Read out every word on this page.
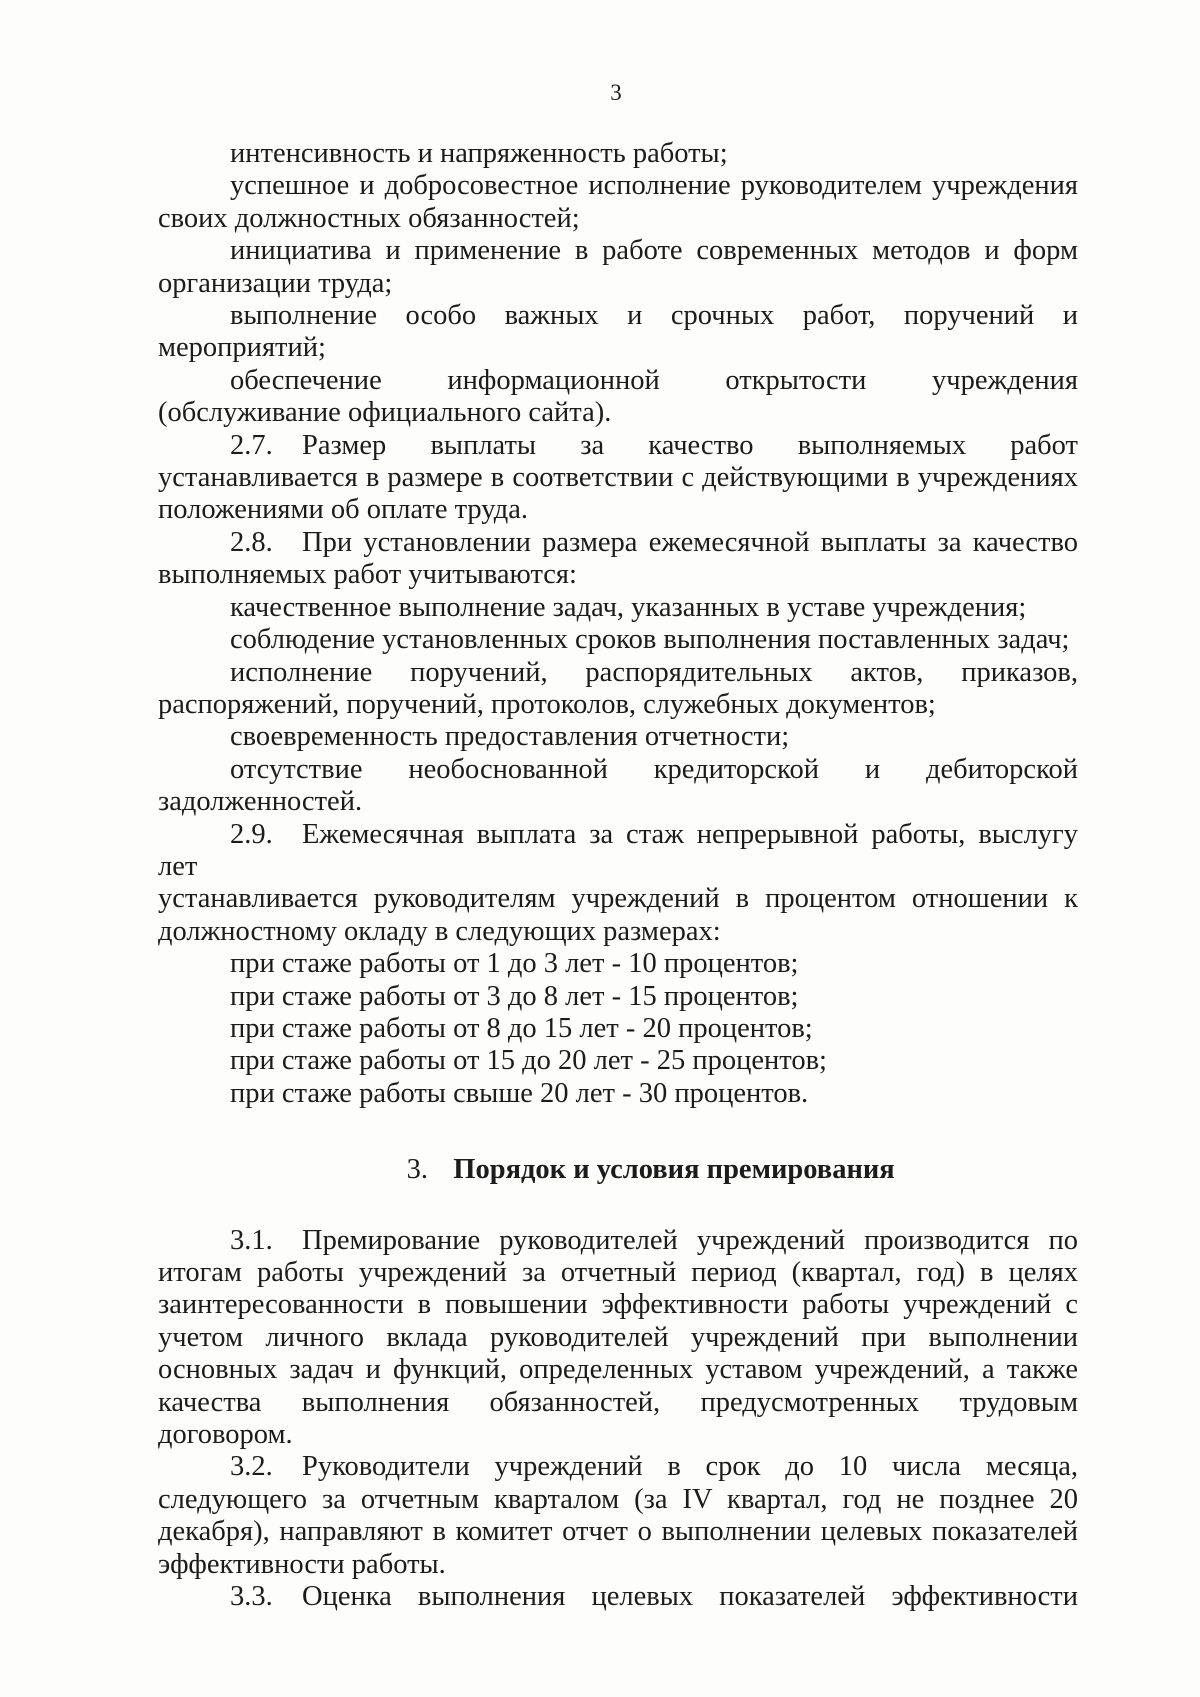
3

интенсивность и напряженность работы;

успешное и добросовестное исполнение руководителем учреждения

своих должностных обязанностей;

инициатива и применение в работе современных методов и форм

организации труда;

выполнение особо важных и срочных работ, поручений и

мероприятий;

обеспечение информационной открытости учреждения

(обслуживание официального сайта).

2.7. Размер выплаты за качество выполняемых работ

устанавливается в размере в соответствии с действующими в учреждениях

положениями об оплате труда.

2.8. При установлении размера ежемесячной выплаты за качество

выполняемых работ учитываются:

качественное выполнение задач, указанных в уставе учреждения;

соблюдение установленных сроков выполнения поставленных задач;

исполнение поручений, распорядительных актов, приказов,

распоряжений, поручений, протоколов, служебных документов;

своевременность предоставления отчетности;

отсутствие необоснованной кредиторской и дебиторской

задолженностей.

2.9. Ежемесячная выплата за стаж непрерывной работы, выслугу лет

устанавливается руководителям учреждений в процентом отношении к

должностному окладу в следующих размерах:

при стаже работы от 1 до 3 лет - 10 процентов;

при стаже работы от 3 до 8 лет - 15 процентов;

при стаже работы от 8 до 15 лет - 20 процентов;

при стаже работы от 15 до 20 лет - 25 процентов;

при стаже работы свыше 20 лет - 30 процентов.

3. Порядок и условия премирования

3.1. Премирование руководителей учреждений производится по

итогам работы учреждений за отчетный период (квартал, год) в целях

заинтересованности в повышении эффективности работы учреждений с

учетом личного вклада руководителей учреждений при выполнении

основных задач и функций, определенных уставом учреждений, а также

качества выполнения обязанностей, предусмотренных трудовым

договором.

3.2. Руководители учреждений в срок до 10 числа месяца,

следующего за отчетным кварталом (за IV квартал, год не позднее 20

декабря), направляют в комитет отчет о выполнении целевых показателей

эффективности работы.

3.3. Оценка выполнения целевых показателей эффективности
